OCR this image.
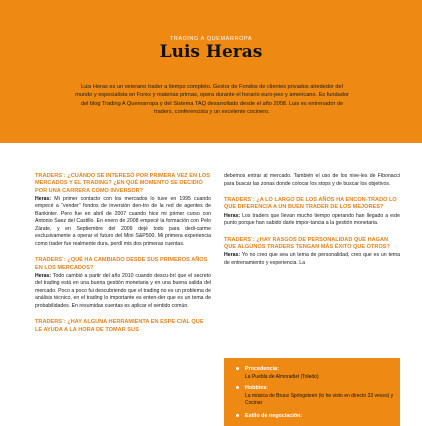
TRADING A QUEMARROPA
Luis Heras
Luis Heras es un veterano trader a tiempo completo. Gestor de Fondos de clientes privados alrededor del mundo y especialista en Forex y materias primas, opera durante el horario euro-peo y americano. Es fundador del blog Trading A Quemarropa y del Sistema TAQ desarrollado desde el año 2008. Luis es entrenador de traders, conferencista y un excelente cocinero.
TRADERS´: ¿CUÁNDO SE INTERESÓ POR PRIMERA VEZ EN LOS MERCADOS Y EL TRADING? ¿EN QUÉ MOMENTO SE DECIDIÓ POR UNA CARRERA COMO INVERSOR?
Heras: Mi primer contacto con los mercados lo tuve en 1995 cuando empecé a “vender” fondos de inversión den-tro de la red de agentes de Bankinter. Pero fue en abril de 2007 cuando hice mi primer curso con Antonio Saez del Castillo. En enero de 2008 empecé la formación con Pelo Zárate, y en Septiembre del 2009 dejé todo para dedi-carme exclusivamente a operar el futuro del Mini S&P500. Mi primera experiencia como trader fue realmente dura, perdí mis dos primeras cuentas.
TRADERS´: ¿QUÉ HA CAMBIADO DESDE SUS PRIMEROS AÑOS EN LOS MERCADOS?
Heras: Todo cambió a partir del año 2010 cuando descu-brí que el secreto del trading está en una buena gestión monetaria y en una buena salida del mercado. Poco a poco fui descubriendo que el trading no es un problema de análisis técnico, en el trading lo importante es enten-der que es un tema de probabilidades. En resumidas cuentas es aplicar el sentido común.
TRADERS´: ¿HAY ALGUNA HERRAMIENTA EN ESPE-CIAL QUE LE AYUDA A LA HORA DE TOMAR SUS
debemos entrar al mercado. También el uso de los nive-les de Fibonacci para buscar las zonas donde colocar los stops y de buscar los objetivos.
TRADERS´: ¿A LO LARGO DE LOS AÑOS HA ENCON-TRADO LO QUE DIFERENCIA A UN BUEN TRADER DE LOS MEJORES?
Heras: Los traders que llevan mucho tiempo operando han llegado a este punto porque han sabido darle impor-tancia a la gestión monetaria.
TRADERS´: ¿HAY RASGOS DE PERSONALIDAD QUE HAGAN QUE ALGUNOS TRADERS TENGAN MÁS ÉXITO QUE OTROS?
Heras: Yo no creo que sea un tema de personalidad, creo que es un tema de entrenamiento y experiencia. La
Procedencia:
La Puebla de Almoradiel (Toledo)
Hobbies:
La música de Bruce Springsteen (lo he visto en directo 33 veces) y Cocinar
Estilo de negociación:
